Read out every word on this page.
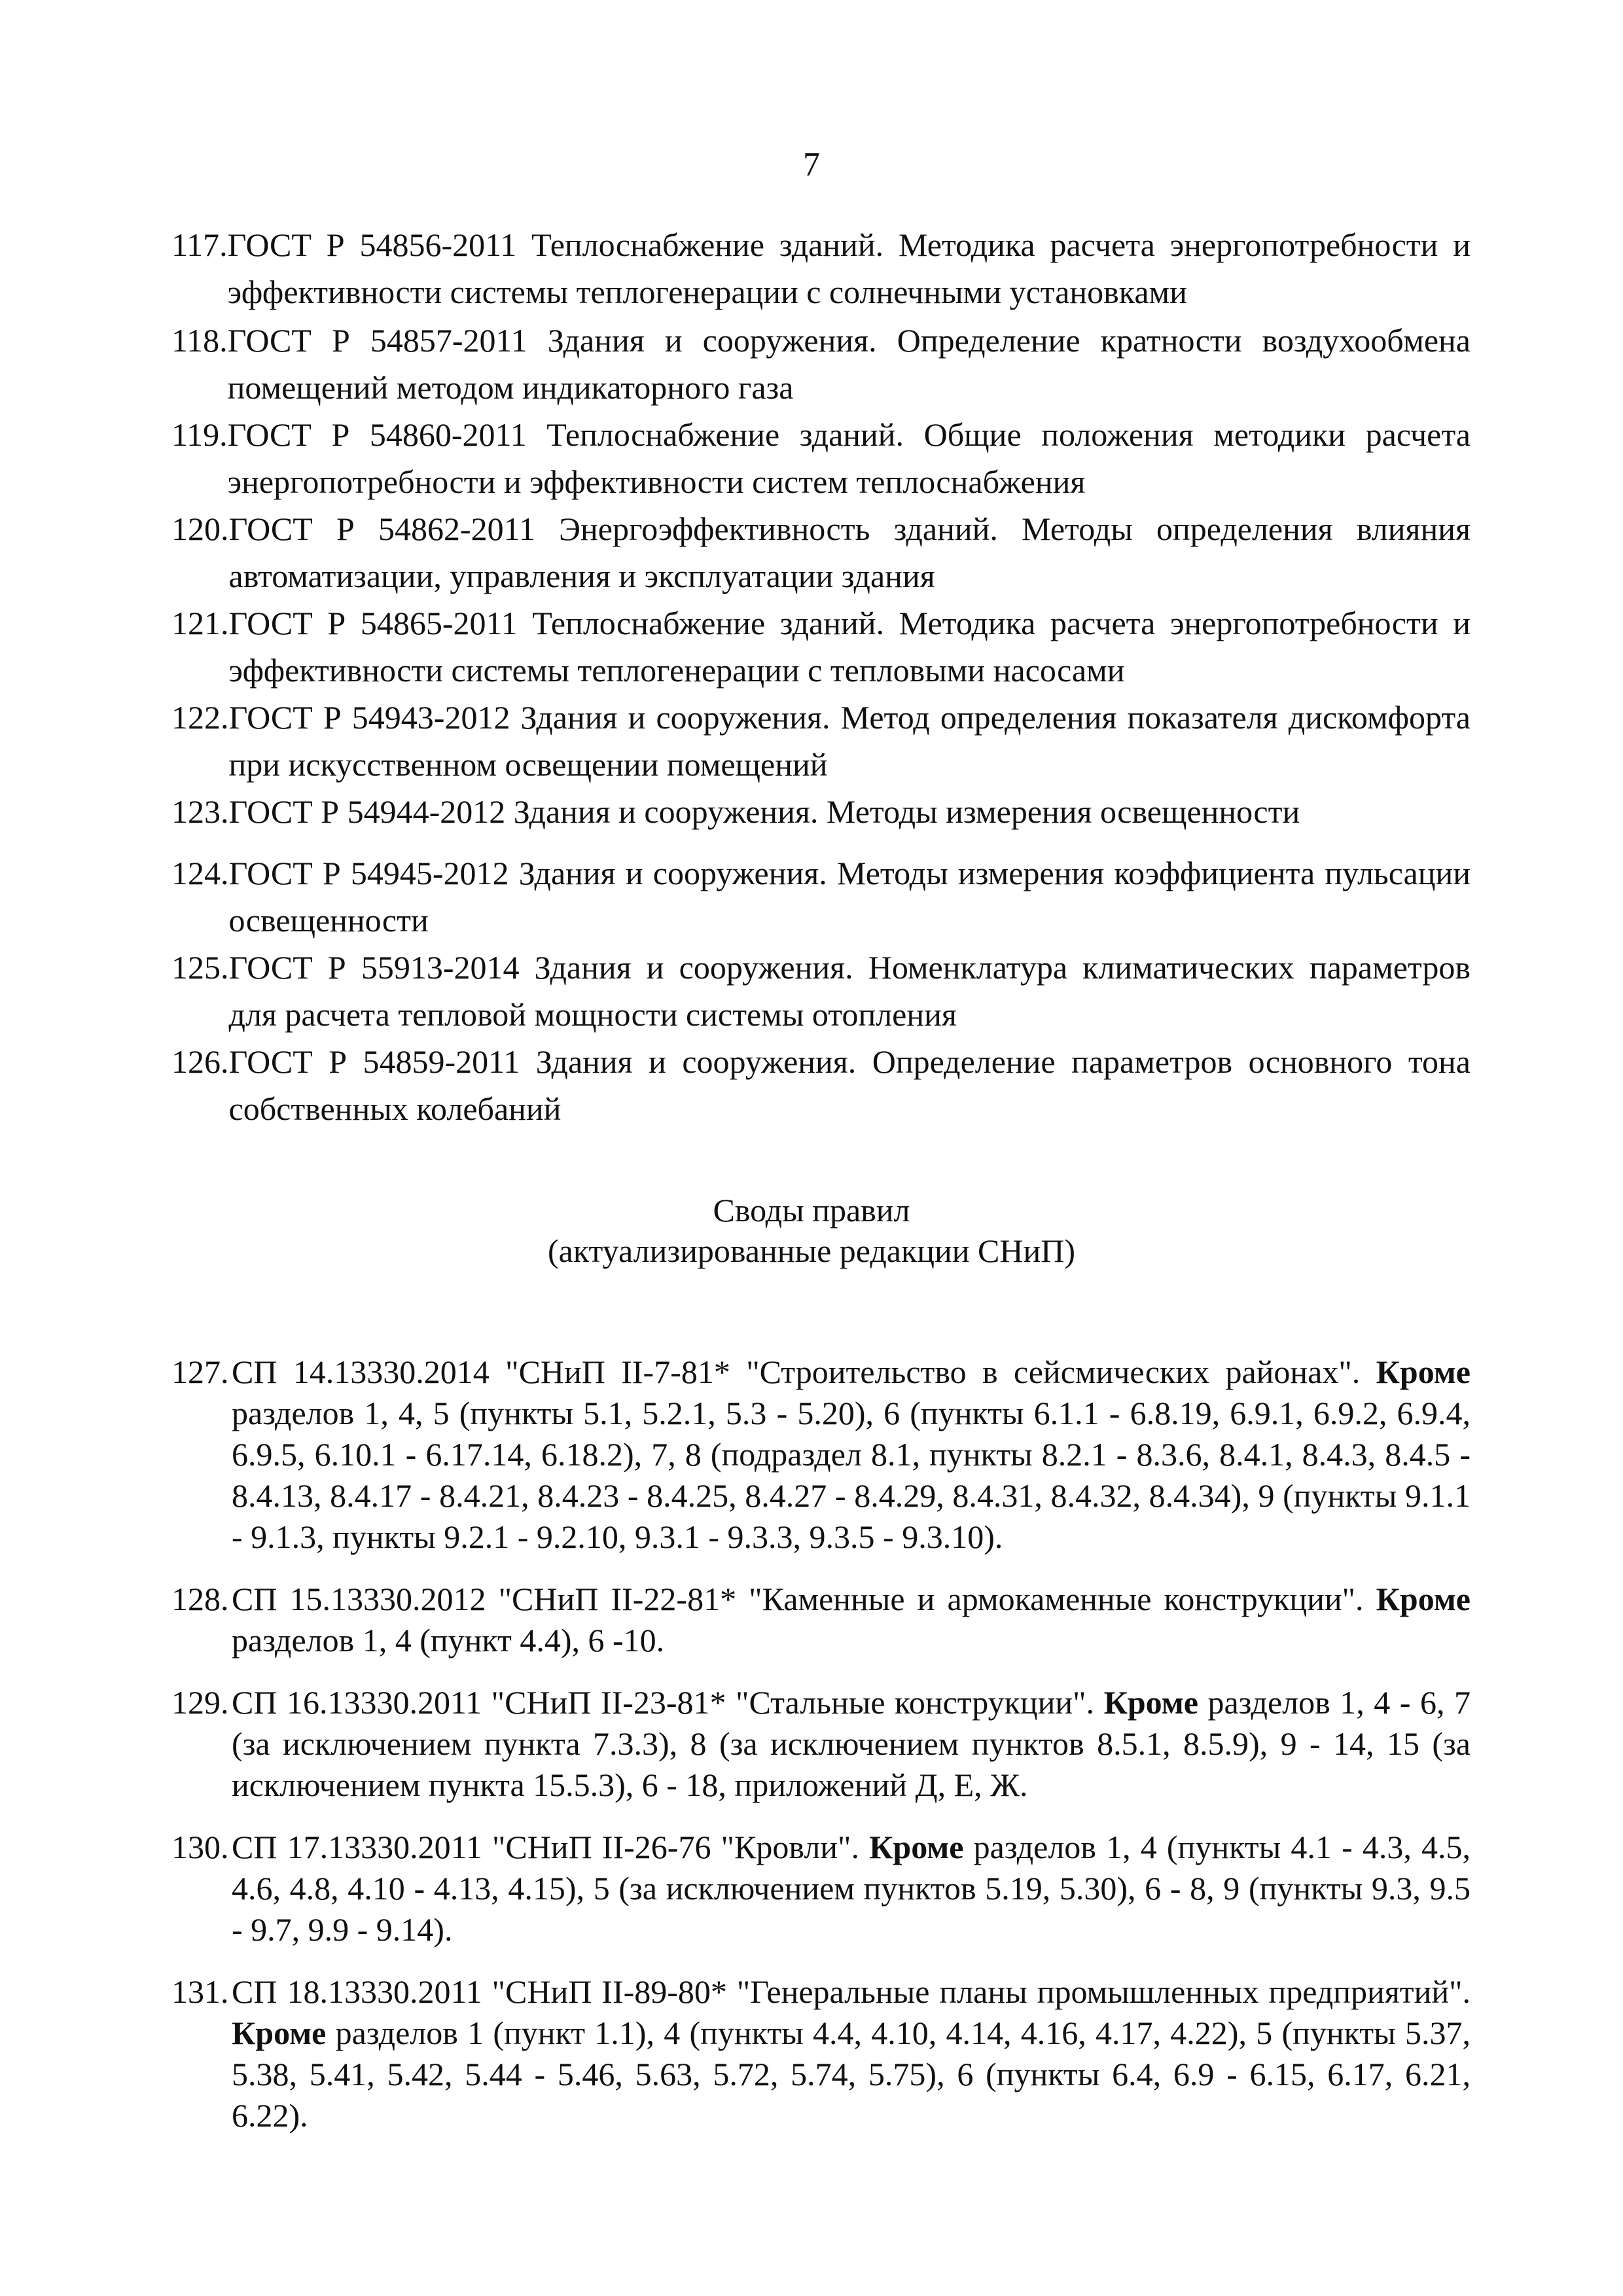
7
117. ГОСТ Р 54856-2011 Теплоснабжение зданий. Методика расчета энергопотребности и эффективности системы теплогенерации с солнечными установками
118. ГОСТ Р 54857-2011 Здания и сооружения. Определение кратности воздухообмена помещений методом индикаторного газа
119. ГОСТ Р 54860-2011 Теплоснабжение зданий. Общие положения методики расчета энергопотребности и эффективности систем теплоснабжения
120. ГОСТ Р 54862-2011 Энергоэффективность зданий. Методы определения влияния автоматизации, управления и эксплуатации здания
121. ГОСТ Р 54865-2011 Теплоснабжение зданий. Методика расчета энергопотребности и эффективности системы теплогенерации с тепловыми насосами
122. ГОСТ Р 54943-2012 Здания и сооружения. Метод определения показателя дискомфорта при искусственном освещении помещений
123. ГОСТ Р 54944-2012 Здания и сооружения. Методы измерения освещенности
124. ГОСТ Р 54945-2012 Здания и сооружения. Методы измерения коэффициента пульсации освещенности
125. ГОСТ Р 55913-2014 Здания и сооружения. Номенклатура климатических параметров для расчета тепловой мощности системы отопления
126. ГОСТ Р 54859-2011 Здания и сооружения. Определение параметров основного тона собственных колебаний
Своды правил
(актуализированные редакции СНиП)
127. СП 14.13330.2014 "СНиП II-7-81* "Строительство в сейсмических районах". Кроме разделов 1, 4, 5 (пункты 5.1, 5.2.1, 5.3 - 5.20), 6 (пункты 6.1.1 - 6.8.19, 6.9.1, 6.9.2, 6.9.4, 6.9.5, 6.10.1 - 6.17.14, 6.18.2), 7, 8 (подраздел 8.1, пункты 8.2.1 - 8.3.6, 8.4.1, 8.4.3, 8.4.5 - 8.4.13, 8.4.17 - 8.4.21, 8.4.23 - 8.4.25, 8.4.27 - 8.4.29, 8.4.31, 8.4.32, 8.4.34), 9 (пункты 9.1.1 - 9.1.3, пункты 9.2.1 - 9.2.10, 9.3.1 - 9.3.3, 9.3.5 - 9.3.10).
128. СП 15.13330.2012 "СНиП II-22-81* "Каменные и армокаменные конструкции". Кроме разделов 1, 4 (пункт 4.4), 6 -10.
129. СП 16.13330.2011 "СНиП II-23-81* "Стальные конструкции". Кроме разделов 1, 4 - 6, 7 (за исключением пункта 7.3.3), 8 (за исключением пунктов 8.5.1, 8.5.9), 9 - 14, 15 (за исключением пункта 15.5.3), 6 - 18, приложений Д, Е, Ж.
130. СП 17.13330.2011 "СНиП II-26-76 "Кровли". Кроме разделов 1, 4 (пункты 4.1 - 4.3, 4.5, 4.6, 4.8, 4.10 - 4.13, 4.15), 5 (за исключением пунктов 5.19, 5.30), 6 - 8, 9 (пункты 9.3, 9.5 - 9.7, 9.9 - 9.14).
131. СП 18.13330.2011 "СНиП II-89-80* "Генеральные планы промышленных предприятий". Кроме разделов 1 (пункт 1.1), 4 (пункты 4.4, 4.10, 4.14, 4.16, 4.17, 4.22), 5 (пункты 5.37, 5.38, 5.41, 5.42, 5.44 - 5.46, 5.63, 5.72, 5.74, 5.75), 6 (пункты 6.4, 6.9 - 6.15, 6.17, 6.21, 6.22).
